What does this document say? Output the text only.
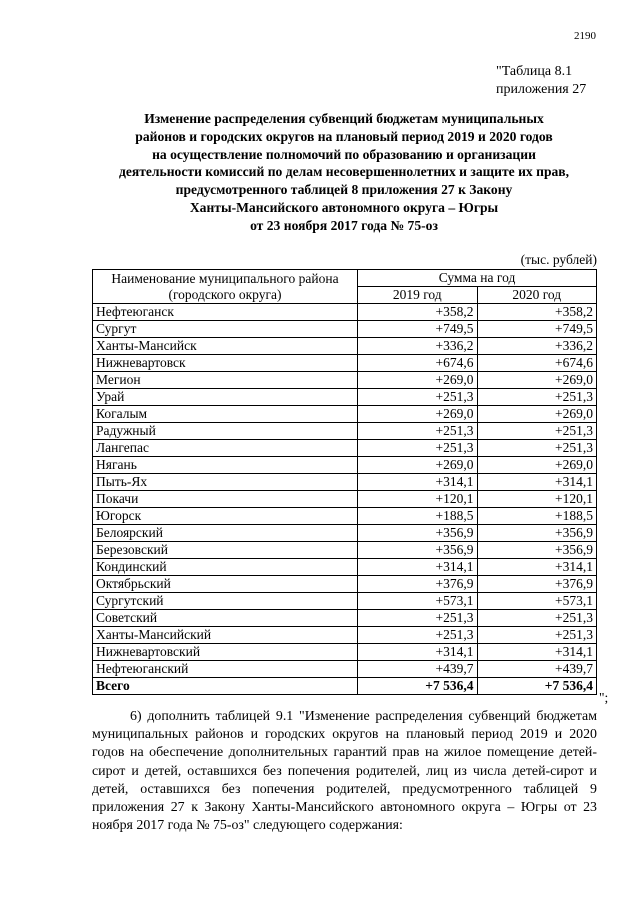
2190
"Таблица 8.1
приложения 27
Изменение распределения субвенций бюджетам муниципальных
районов и городских округов на плановый период 2019 и 2020 годов
на осуществление полномочий по образованию и организации
деятельности комиссий по делам несовершеннолетних и защите их прав,
предусмотренного таблицей 8 приложения 27 к Закону
Ханты-Мансийского автономного округа – Югры
от 23 ноября 2017 года № 75-оз
(тыс. рублей)
Наименование муниципального района
(городского округа)	Сумма на год	
	2019 год	2020 год
Нефтеюганск	+358,2	+358,2
Сургут	+749,5	+749,5
Ханты-Мансийск	+336,2	+336,2
Нижневартовск	+674,6	+674,6
Мегион	+269,0	+269,0
Урай	+251,3	+251,3
Когалым	+269,0	+269,0
Радужный	+251,3	+251,3
Лангепас	+251,3	+251,3
Нягань	+269,0	+269,0
Пыть-Ях	+314,1	+314,1
Покачи	+120,1	+120,1
Югорск	+188,5	+188,5
Белоярский	+356,9	+356,9
Березовский	+356,9	+356,9
Кондинский	+314,1	+314,1
Октябрьский	+376,9	+376,9
Сургутский	+573,1	+573,1
Советский	+251,3	+251,3
Ханты-Мансийский	+251,3	+251,3
Нижневартовский	+314,1	+314,1
Нефтеюганский	+439,7	+439,7
Всего	+7 536,4	+7 536,4
";
6) дополнить таблицей 9.1 "Изменение распределения субвенций бюджетам муниципальных районов и городских округов на плановый период 2019 и 2020 годов на обеспечение дополнительных гарантий прав на жилое помещение детей-сирот и детей, оставшихся без попечения родителей, лиц из числа детей-сирот и детей, оставшихся без попечения родителей, предусмотренного таблицей 9 приложения 27 к Закону Ханты-Мансийского автономного округа – Югры от 23 ноября 2017 года № 75-оз" следующего содержания:
